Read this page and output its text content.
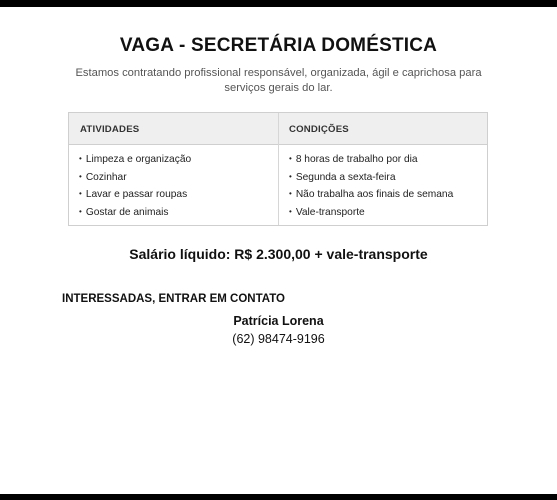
VAGA - SECRETÁRIA DOMÉSTICA
Estamos contratando profissional responsável, organizada, ágil e caprichosa para serviços gerais do lar.
ATIVIDADES	CONDIÇÕES
• Limpeza e organização
• Cozinhar
• Lavar e passar roupas
• Gostar de animais
• 8 horas de trabalho por dia
• Segunda a sexta-feira
• Não trabalha aos finais de semana
• Vale-transporte
Salário líquido: R$ 2.300,00 + vale-transporte
INTERESSADAS, ENTRAR EM CONTATO
Patrícia Lorena
(62) 98474-9196
